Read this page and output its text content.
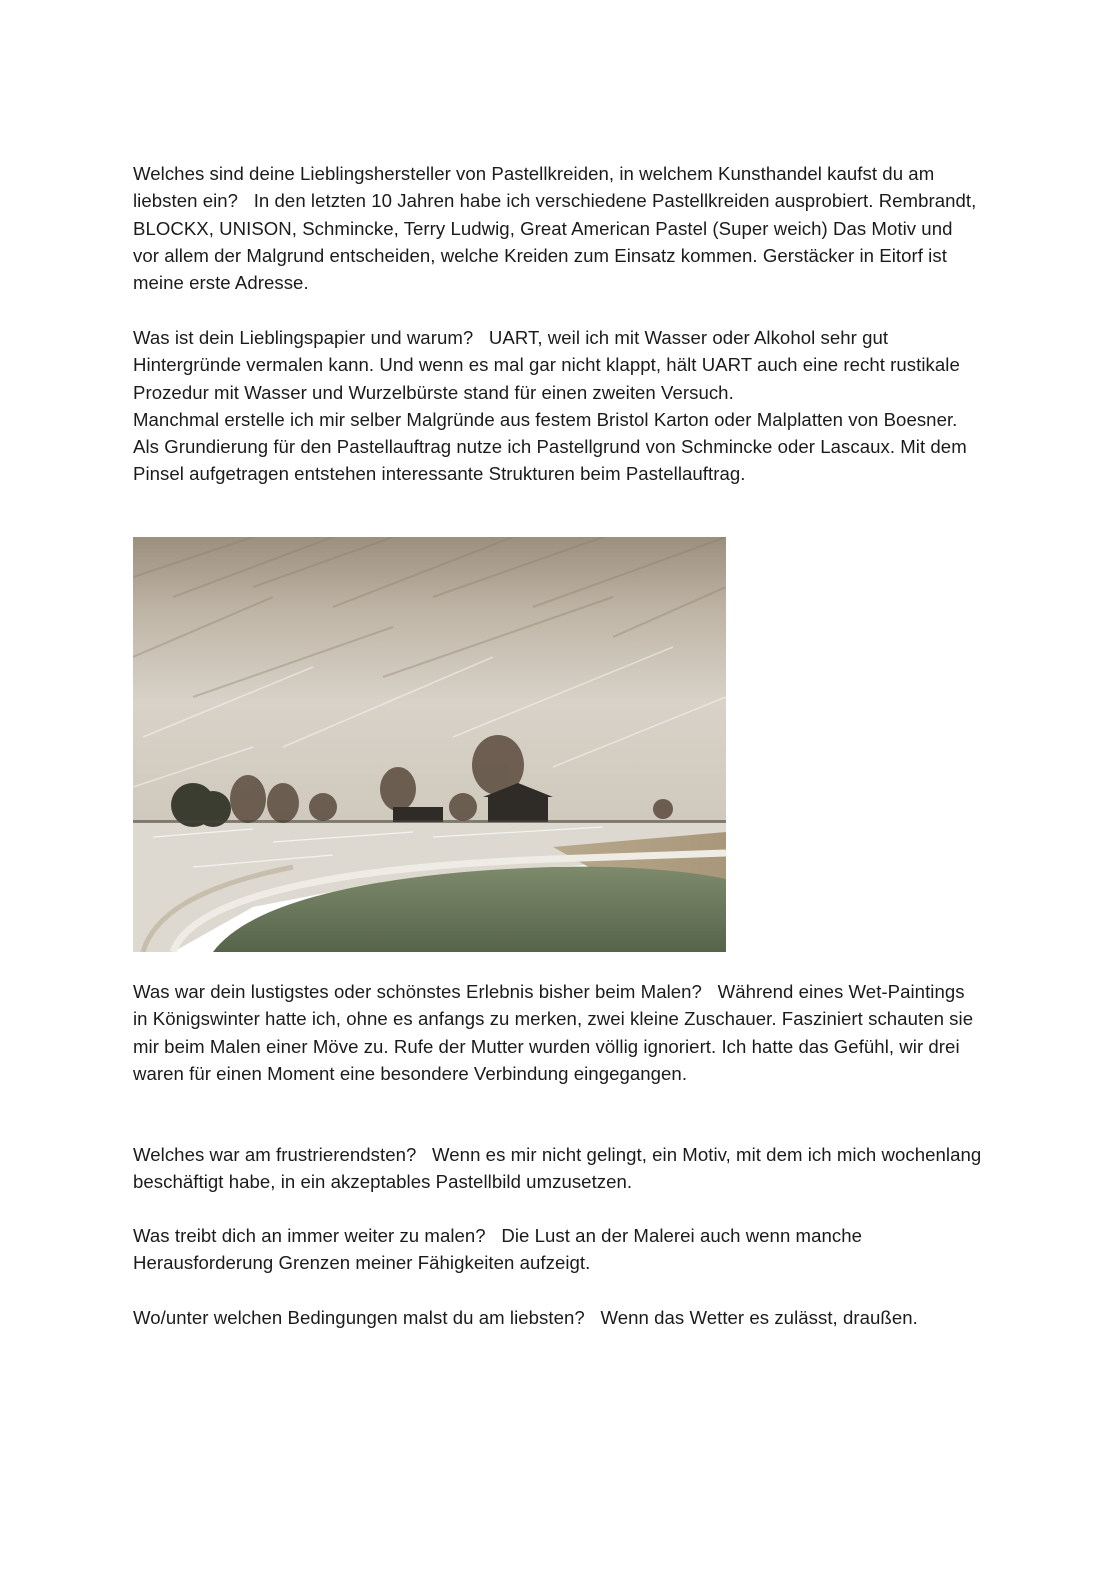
Welches sind deine Lieblingshersteller von Pastellkreiden, in welchem Kunsthandel kaufst du am liebsten ein? In den letzten 10 Jahren habe ich verschiedene Pastellkreiden ausprobiert. Rembrandt, BLOCKX, UNISON, Schmincke, Terry Ludwig, Great American Pastel (Super weich) Das Motiv und vor allem der Malgrund entscheiden, welche Kreiden zum Einsatz kommen. Gerstäcker in Eitorf ist meine erste Adresse.

Was ist dein Lieblingspapier und warum? UART, weil ich mit Wasser oder Alkohol sehr gut Hintergründe vermalen kann. Und wenn es mal gar nicht klappt, hält UART auch eine recht rustikale Prozedur mit Wasser und Wurzelbürste stand für einen zweiten Versuch.

Manchmal erstelle ich mir selber Malgründe aus festem Bristol Karton oder Malplatten von Boesner.

Als Grundierung für den Pastellauftrag nutze ich Pastellgrund von Schmincke oder Lascaux. Mit dem Pinsel aufgetragen entstehen interessante Strukturen beim Pastellauftrag.

Was war dein lustigstes oder schönstes Erlebnis bisher beim Malen? Während eines Wet-Paintings in Königswinter hatte ich, ohne es anfangs zu merken, zwei kleine Zuschauer. Fasziniert schauten sie mir beim Malen einer Möve zu. Rufe der Mutter wurden völlig ignoriert. Ich hatte das Gefühl, wir drei waren für einen Moment eine besondere Verbindung eingegangen.

Welches war am frustrierendsten? Wenn es mir nicht gelingt, ein Motiv, mit dem ich mich wochenlang beschäftigt habe, in ein akzeptables Pastellbild umzusetzen.

Was treibt dich an immer weiter zu malen? Die Lust an der Malerei auch wenn manche Herausforderung Grenzen meiner Fähigkeiten aufzeigt.

Wo/unter welchen Bedingungen malst du am liebsten? Wenn das Wetter es zulässt, draußen.
